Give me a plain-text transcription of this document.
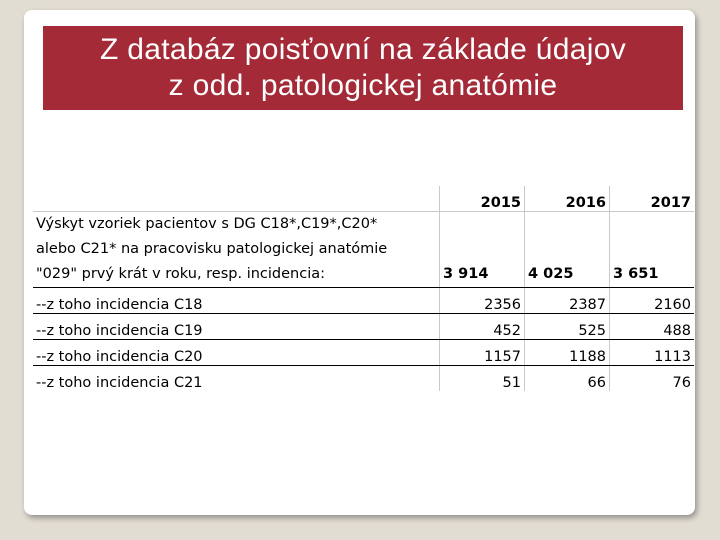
Z databáz poisťovní na základe údajov
z odd. patologickej anatómie
	2015	2016	2017

Výskyt vzoriek pacientov s DG C18*,C19*,C20*
alebo C21* na pracovisku patologickej anatómie
"029" prvý krát v roku, resp. incidencia:	3 914	4 025	3 651
--z toho incidencia C18	2356	2387	2160
--z toho incidencia C19	452	525	488
--z toho incidencia C20	1157	1188	1113
--z toho incidencia C21	51	66	76
